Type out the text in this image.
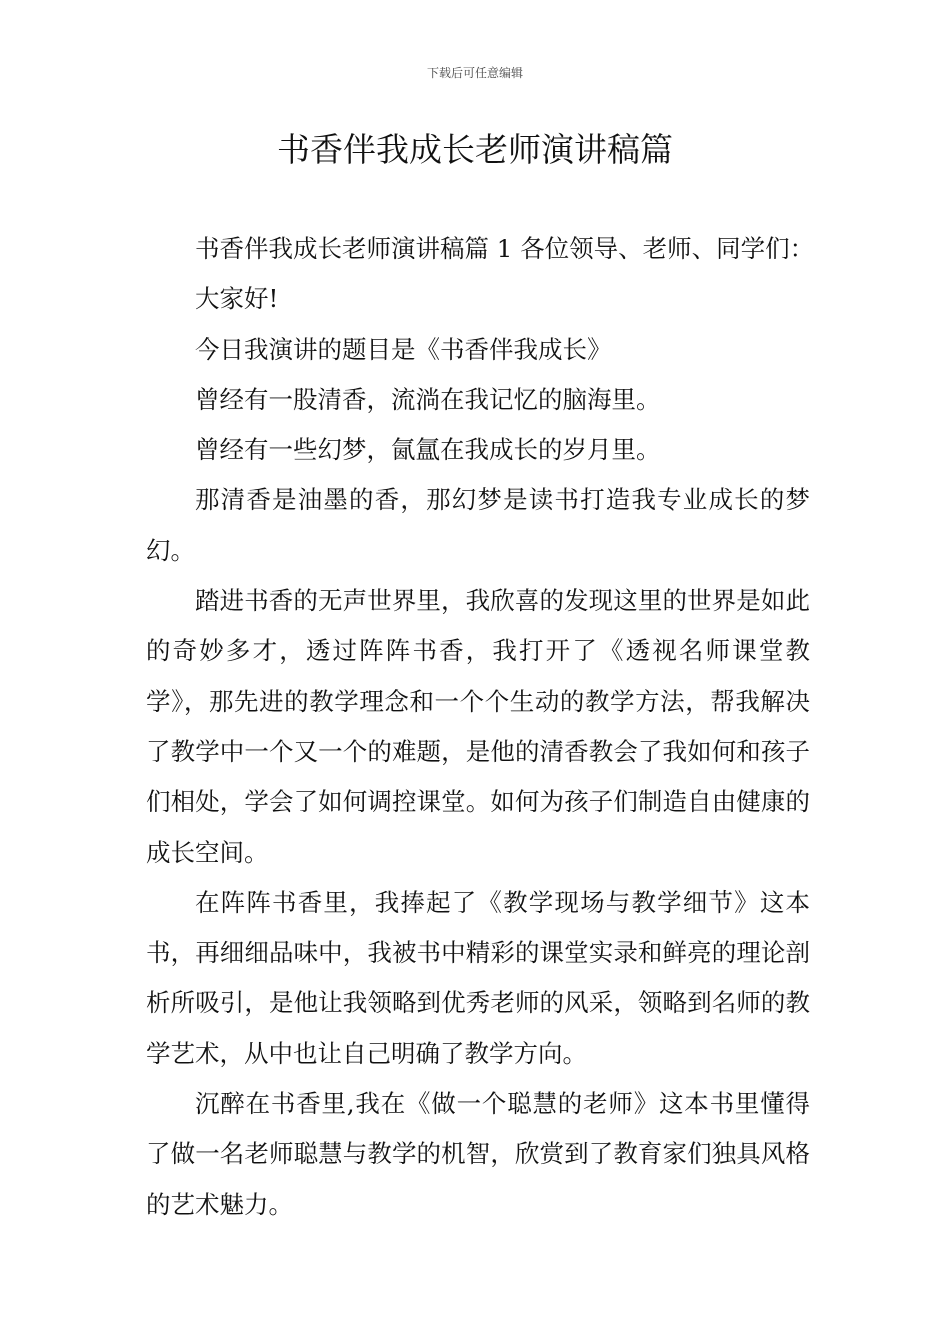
下载后可任意编辑
书香伴我成长老师演讲稿篇

书香伴我成长老师演讲稿篇 1 各位领导、老师、同学们：

大家好!

今日我演讲的题目是《书香伴我成长》

曾经有一股清香，流淌在我记忆的脑海里。

曾经有一些幻梦，氤氲在我成长的岁月里。

那清香是油墨的香，那幻梦是读书打造我专业成长的梦幻。

踏进书香的无声世界里，我欣喜的发现这里的世界是如此的奇妙多才，透过阵阵书香，我打开了《透视名师课堂教学》，那先进的教学理念和一个个生动的教学方法，帮我解决了教学中一个又一个的难题，是他的清香教会了我如何和孩子们相处，学会了如何调控课堂。如何为孩子们制造自由健康的成长空间。

在阵阵书香里，我捧起了《教学现场与教学细节》这本书，再细细品味中，我被书中精彩的课堂实录和鲜亮的理论剖析所吸引，是他让我领略到优秀老师的风采，领略到名师的教学艺术，从中也让自己明确了教学方向。

沉醉在书香里,我在《做一个聪慧的老师》这本书里懂得了做一名老师聪慧与教学的机智，欣赏到了教育家们独具风格的艺术魅力。
